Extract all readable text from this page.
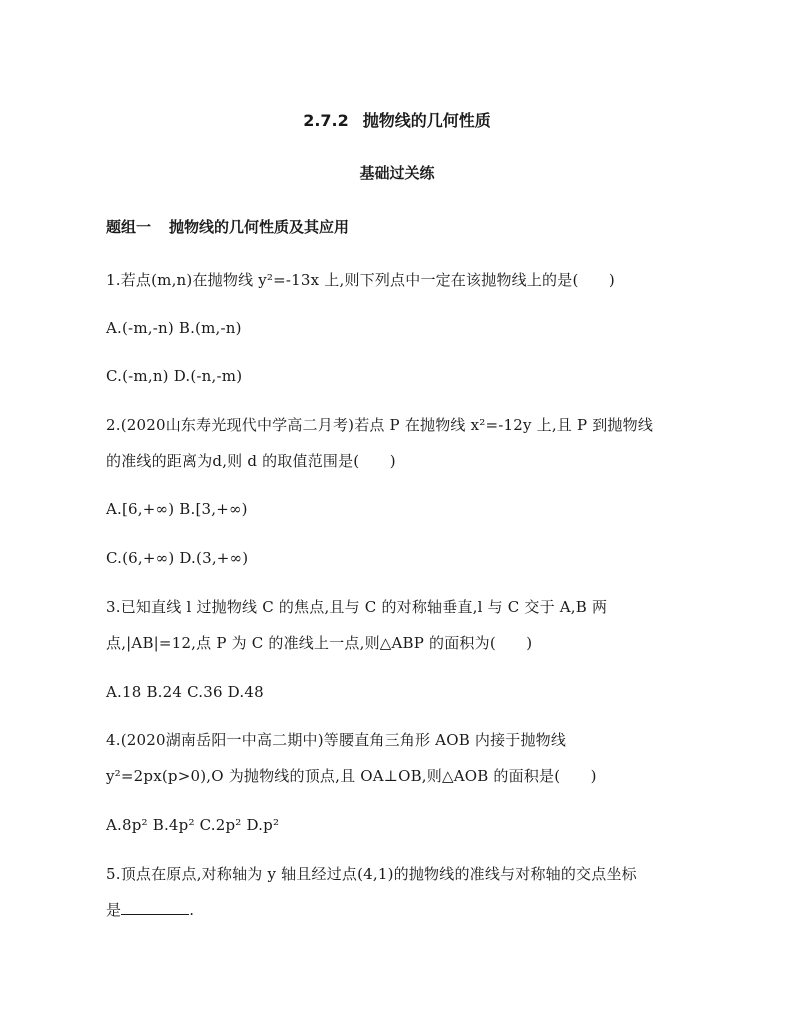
2.7.2 抛物线的几何性质
基础过关练
题组一 抛物线的几何性质及其应用
1.若点(m,n)在抛物线 y²=-13x 上,则下列点中一定在该抛物线上的是(　　)
A.(-m,-n) B.(m,-n)
C.(-m,n) D.(-n,-m)
2.(2020山东寿光现代中学高二月考)若点 P 在抛物线 x²=-12y 上,且 P 到抛物线
的准线的距离为d,则 d 的取值范围是(　　)
A.[6,+∞) B.[3,+∞)
C.(6,+∞) D.(3,+∞)
3.已知直线 l 过抛物线 C 的焦点,且与 C 的对称轴垂直,l 与 C 交于 A,B 两
点,|AB|=12,点 P 为 C 的准线上一点,则△ABP 的面积为(　　)
A.18 B.24 C.36 D.48
4.(2020湖南岳阳一中高二期中)等腰直角三角形 AOB 内接于抛物线
y²=2px(p>0),O 为抛物线的顶点,且 OA⊥OB,则△AOB 的面积是(　　)
A.8p² B.4p² C.2p² D.p²
5.顶点在原点,对称轴为 y 轴且经过点(4,1)的抛物线的准线与对称轴的交点坐标
是	.
